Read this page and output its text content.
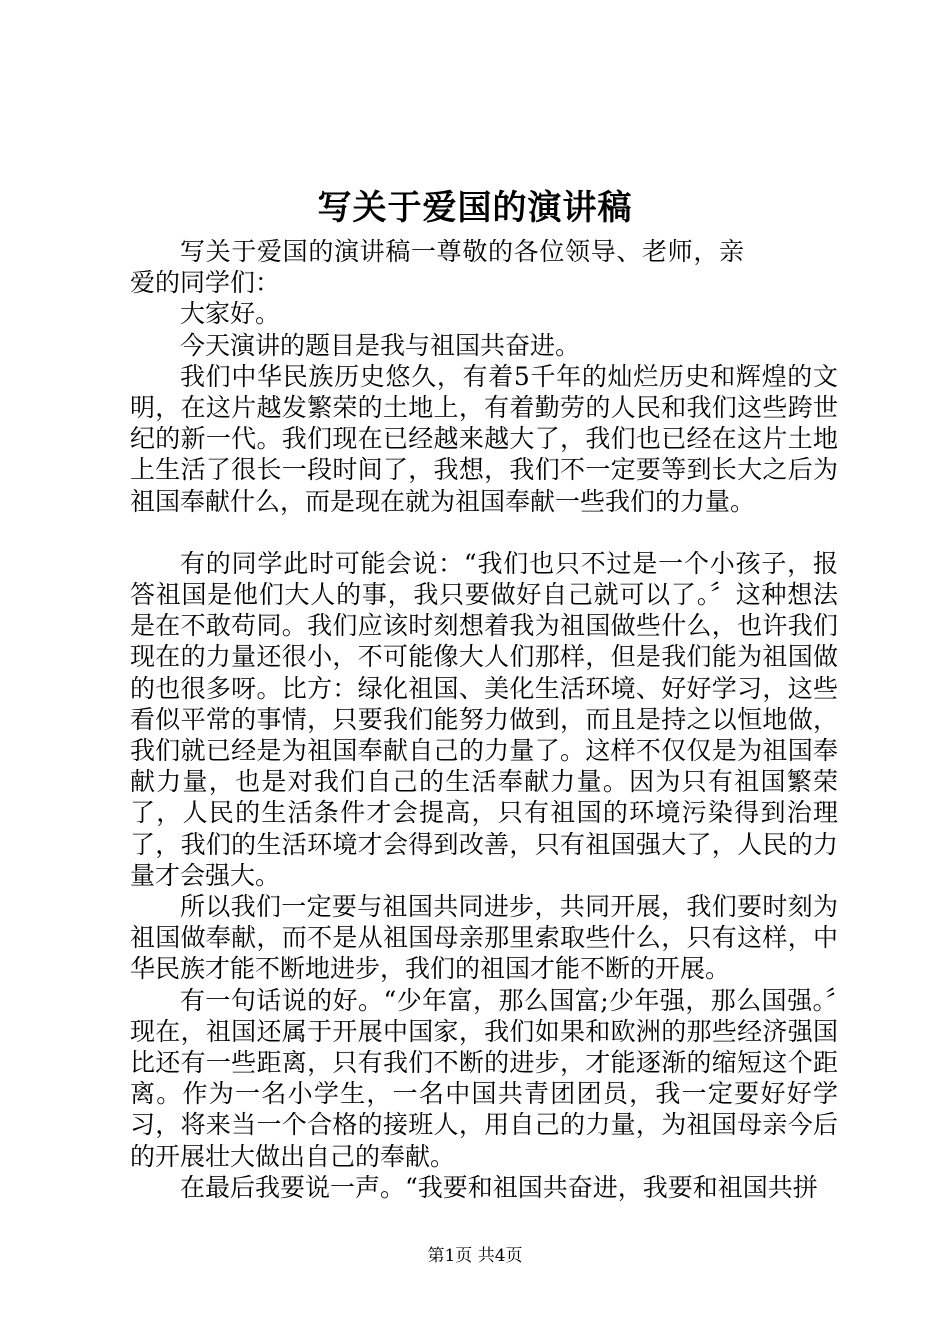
写关于爱国的演讲稿

写关于爱国的演讲稿一尊敬的各位领导、老师，亲爱的同学们：

大家好。

今天演讲的题目是我与祖国共奋进。

我们中华民族历史悠久，有着5千年的灿烂历史和辉煌的文明，在这片越发繁荣的土地上，有着勤劳的人民和我们这些跨世纪的新一代。我们现在已经越来越大了，我们也已经在这片土地上生活了很长一段时间了，我想，我们不一定要等到长大之后为祖国奉献什么，而是现在就为祖国奉献一些我们的力量。

有的同学此时可能会说：“我们也只不过是一个小孩子，报答祖国是他们大人的事，我只要做好自己就可以了。〞这种想法是在不敢苟同。我们应该时刻想着我为祖国做些什么，也许我们现在的力量还很小，不可能像大人们那样，但是我们能为祖国做的也很多呀。比方：绿化祖国、美化生活环境、好好学习，这些看似平常的事情，只要我们能努力做到，而且是持之以恒地做，我们就已经是为祖国奉献自己的力量了。这样不仅仅是为祖国奉献力量，也是对我们自己的生活奉献力量。因为只有祖国繁荣了，人民的生活条件才会提高，只有祖国的环境污染得到治理了，我们的生活环境才会得到改善，只有祖国强大了，人民的力量才会强大。

所以我们一定要与祖国共同进步，共同开展，我们要时刻为祖国做奉献，而不是从祖国母亲那里索取些什么，只有这样，中华民族才能不断地进步，我们的祖国才能不断的开展。

有一句话说的好。“少年富，那么国富;少年强，那么国强。〞现在，祖国还属于开展中国家，我们如果和欧洲的那些经济强国比还有一些距离，只有我们不断的进步，才能逐渐的缩短这个距离。作为一名小学生，一名中国共青团团员，我一定要好好学习，将来当一个合格的接班人，用自己的力量，为祖国母亲今后的开展壮大做出自己的奉献。

在最后我要说一声。“我要和祖国共奋进，我要和祖国共拼

第1页 共4页
